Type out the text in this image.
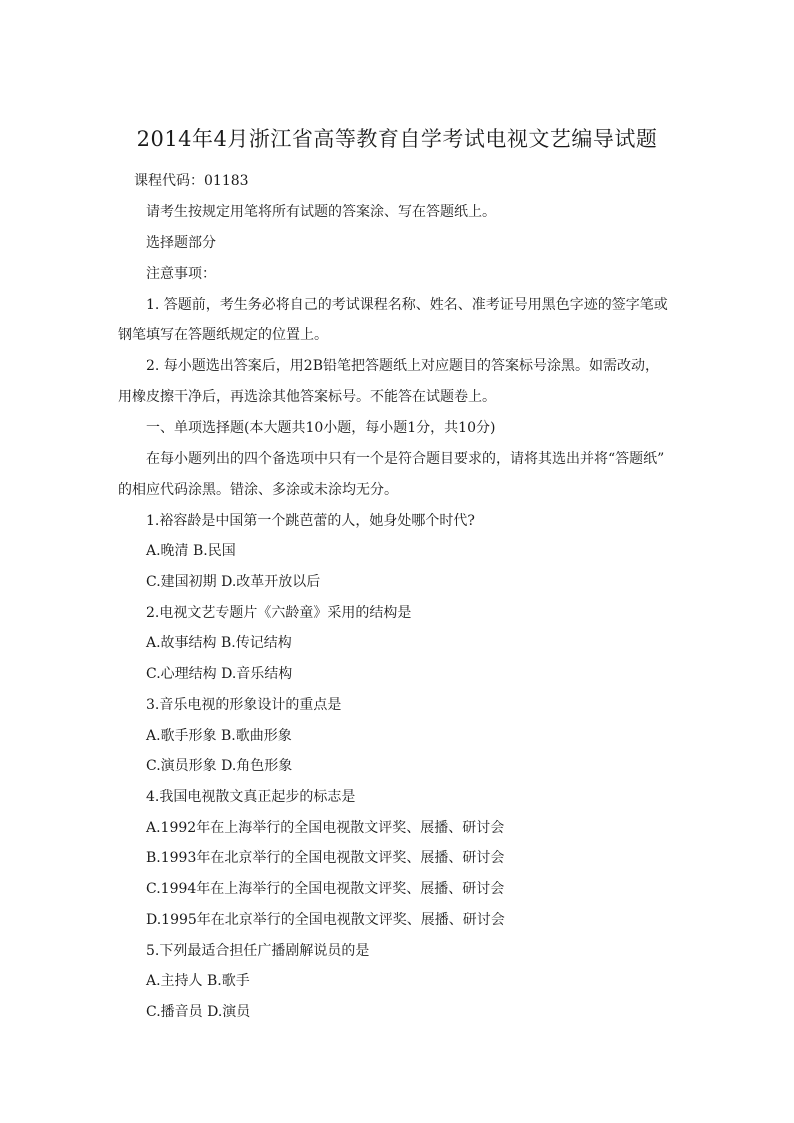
2014年4月浙江省高等教育自学考试电视文艺编导试题
课程代码：01183
请考生按规定用笔将所有试题的答案涂、写在答题纸上。
选择题部分
注意事项：
1. 答题前，考生务必将自己的考试课程名称、姓名、准考证号用黑色字迹的签字笔或
钢笔填写在答题纸规定的位置上。
2. 每小题选出答案后，用2B铅笔把答题纸上对应题目的答案标号涂黑。如需改动，
用橡皮擦干净后，再选涂其他答案标号。不能答在试题卷上。
一、单项选择题(本大题共10小题，每小题1分，共10分)
在每小题列出的四个备选项中只有一个是符合题目要求的，请将其选出并将“答题纸”
的相应代码涂黑。错涂、多涂或未涂均无分。
1.裕容龄是中国第一个跳芭蕾的人，她身处哪个时代?
A.晚清 B.民国
C.建国初期 D.改革开放以后
2.电视文艺专题片《六龄童》采用的结构是
A.故事结构 B.传记结构
C.心理结构 D.音乐结构
3.音乐电视的形象设计的重点是
A.歌手形象 B.歌曲形象
C.演员形象 D.角色形象
4.我国电视散文真正起步的标志是
A.1992年在上海举行的全国电视散文评奖、展播、研讨会
B.1993年在北京举行的全国电视散文评奖、展播、研讨会
C.1994年在上海举行的全国电视散文评奖、展播、研讨会
D.1995年在北京举行的全国电视散文评奖、展播、研讨会
5.下列最适合担任广播剧解说员的是
A.主持人 B.歌手
C.播音员 D.演员
